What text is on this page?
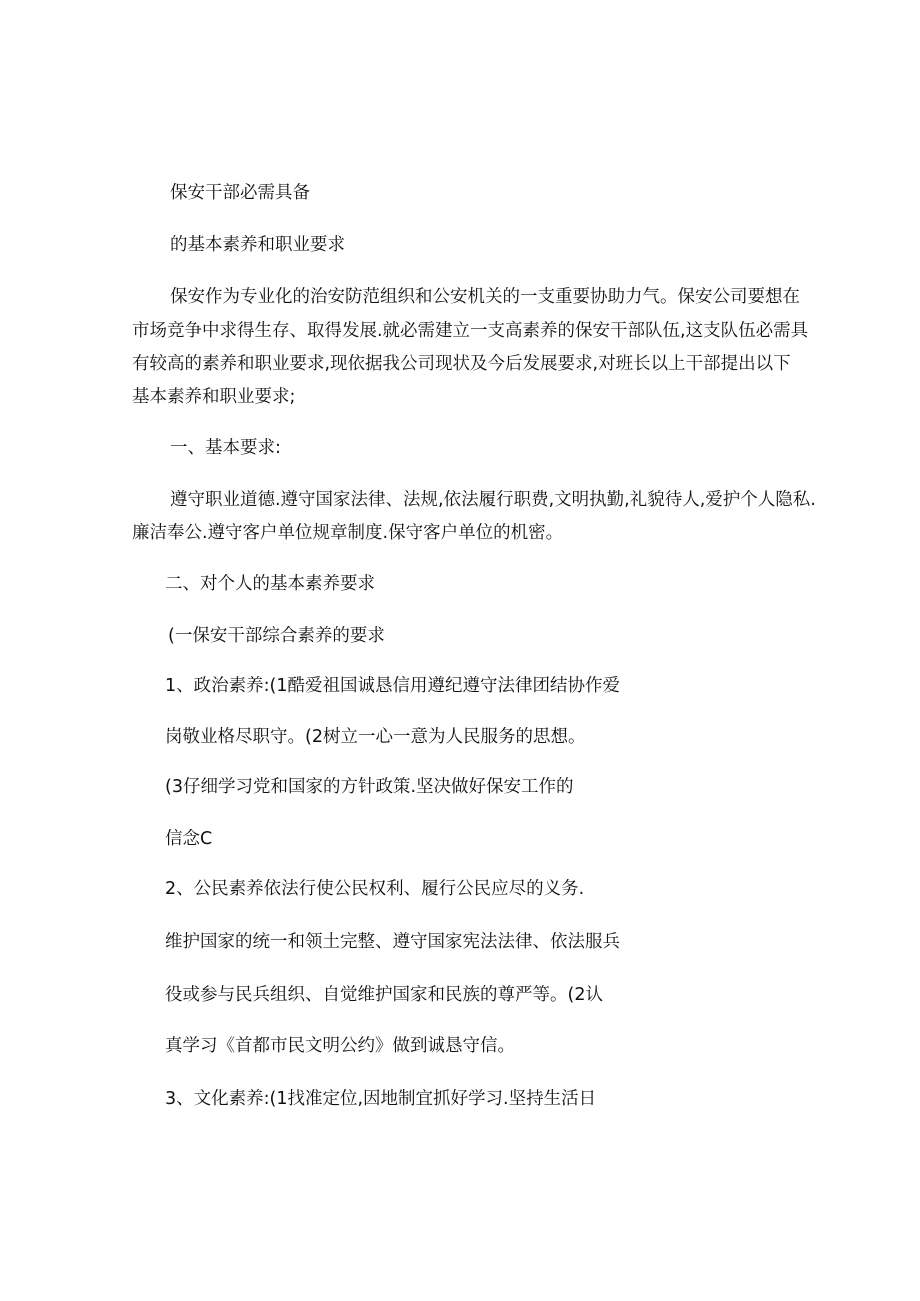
保安干部必需具备
的基本素养和职业要求
保安作为专业化的治安防范组织和公安机关的一支重要协助力气。保安公司要想在
市场竞争中求得生存、取得发展.就必需建立一支高素养的保安干部队伍,这支队伍必需具
有较高的素养和职业要求,现依据我公司现状及今后发展要求,对班长以上干部提出以下
基本素养和职业要求;
一、基本要求:
遵守职业道德.遵守国家法律、法规,依法履行职费,文明执勤,礼貌待人,爱护个人隐私.
廉洁奉公.遵守客户单位规章制度.保守客户单位的机密。
二、对个人的基本素养要求
(一保安干部综合素养的要求
1、政治素养:(1酷爱祖国诚恳信用遵纪遵守法律团结协作爱
岗敬业格尽职守。(2树立一心一意为人民服务的思想。
(3仔细学习党和国家的方针政策.坚决做好保安工作的
信念C
2、公民素养依法行使公民权利、履行公民应尽的义务.
维护国家的统一和领土完整、遵守国家宪法法律、依法服兵
役或参与民兵组织、自觉维护国家和民族的尊严等。(2认
真学习《首都市民文明公约》做到诚恳守信。
3、文化素养:(1找准定位,因地制宜抓好学习.坚持生活日
